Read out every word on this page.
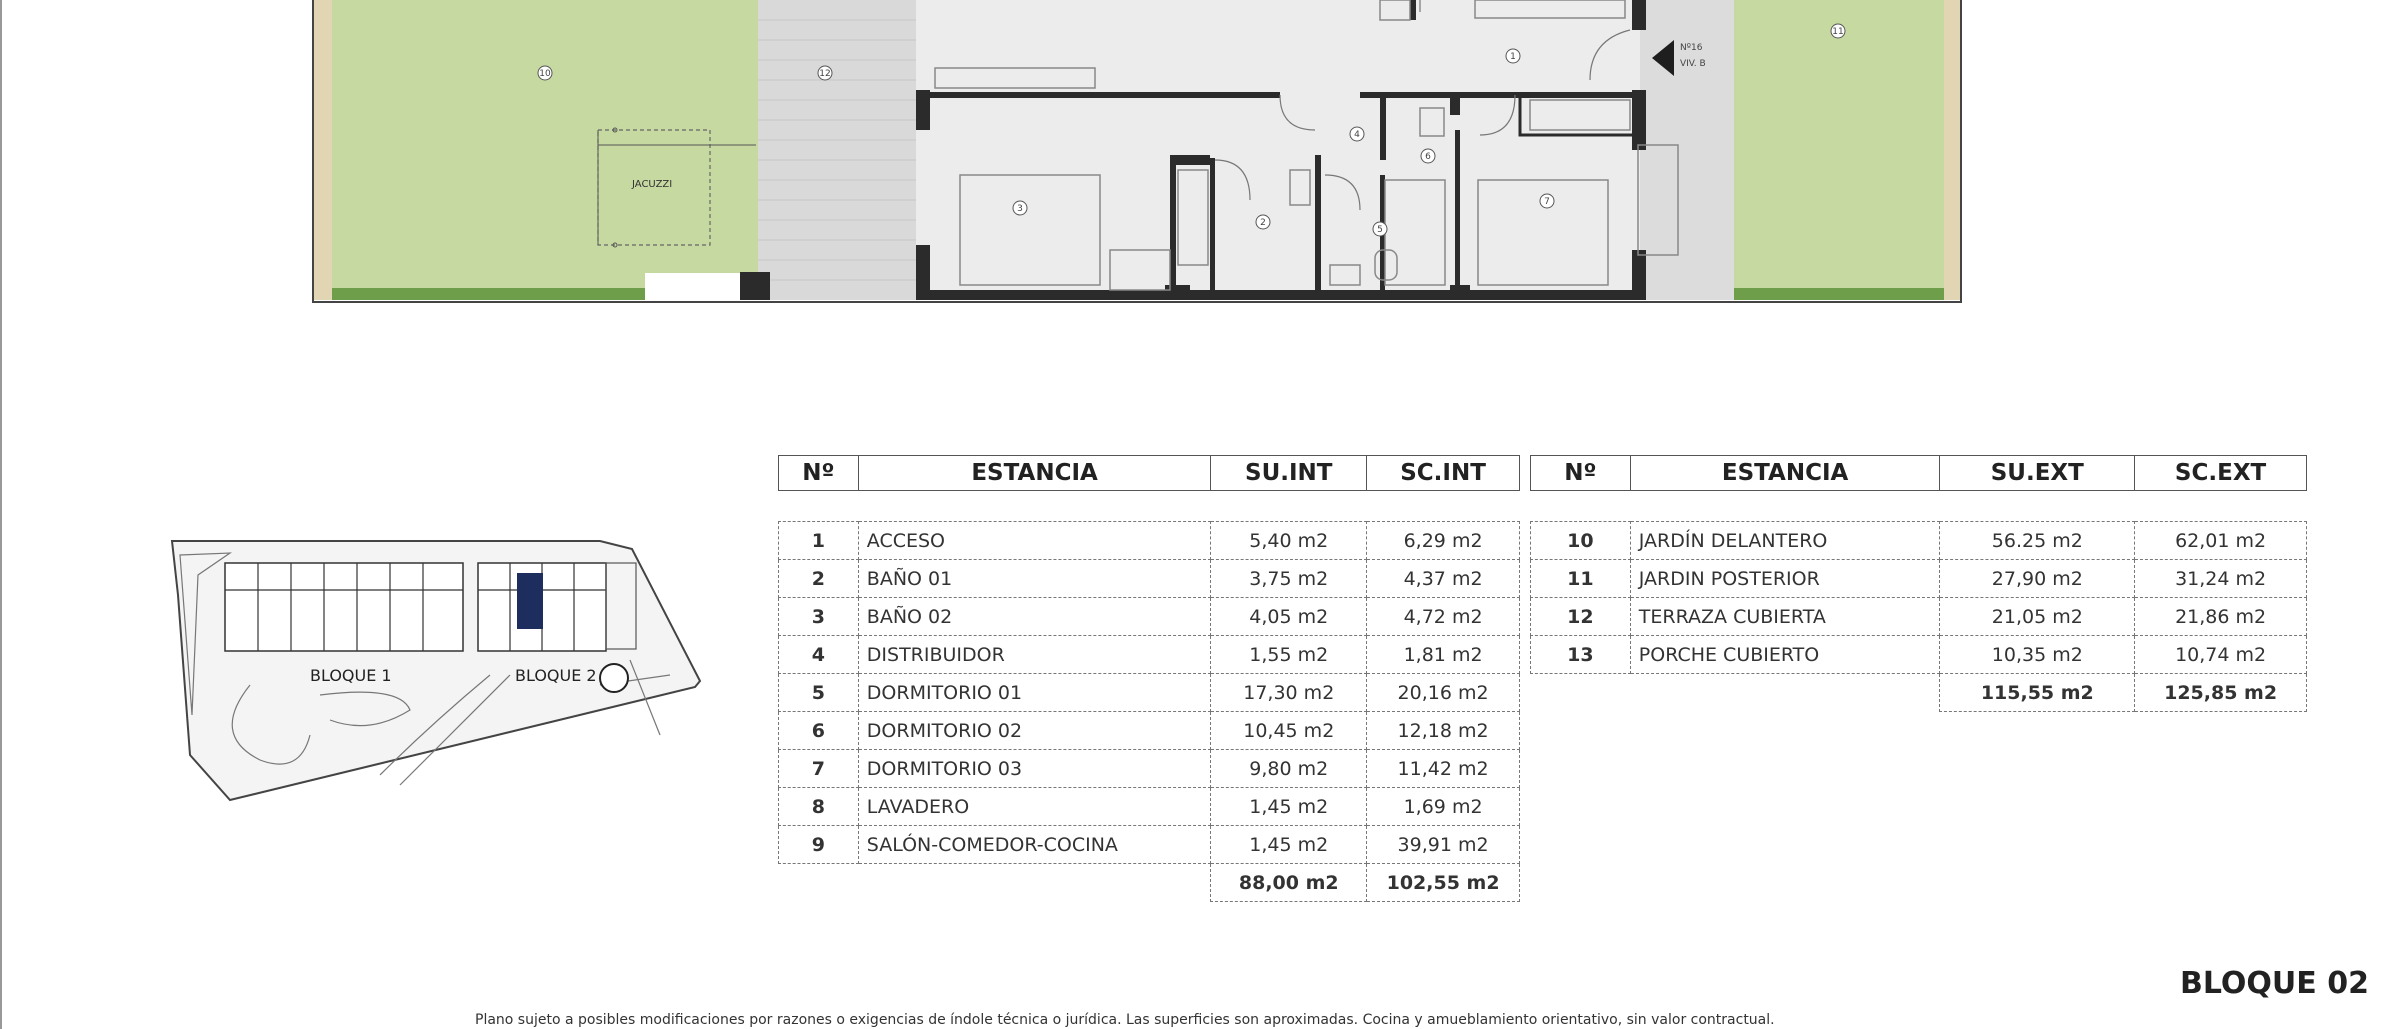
JACUZZI
Nº16
VIV. B
1
3
2
4
5
6
7
10
11
12
BLOQUE 1	BLOQUE 2
Nº	ESTANCIA	SU.INT	SC.INT

1	ACCESO	5,40 m2	6,29 m2
2	BAÑO 01	3,75 m2	4,37 m2
3	BAÑO 02	4,05 m2	4,72 m2
4	DISTRIBUIDOR	1,55 m2	1,81 m2
5	DORMITORIO 01	17,30 m2	20,16 m2
6	DORMITORIO 02	10,45 m2	12,18 m2
7	DORMITORIO 03	9,80 m2	11,42 m2
8	LAVADERO	1,45 m2	1,69 m2
9	SALÓN-COMEDOR-COCINA	1,45 m2	39,91 m2
		88,00 m2	102,55 m2
Nº	ESTANCIA	SU.EXT	SC.EXT

10	JARDÍN DELANTERO	56.25 m2	62,01 m2
11	JARDIN POSTERIOR	27,90 m2	31,24 m2
12	TERRAZA CUBIERTA	21,05 m2	21,86 m2
13	PORCHE CUBIERTO	10,35 m2	10,74 m2
		115,55 m2	125,85 m2
BLOQUE 02
Plano sujeto a posibles modificaciones por razones o exigencias de índole técnica o jurídica. Las superficies son aproximadas. Cocina y amueblamiento orientativo, sin valor contractual.
